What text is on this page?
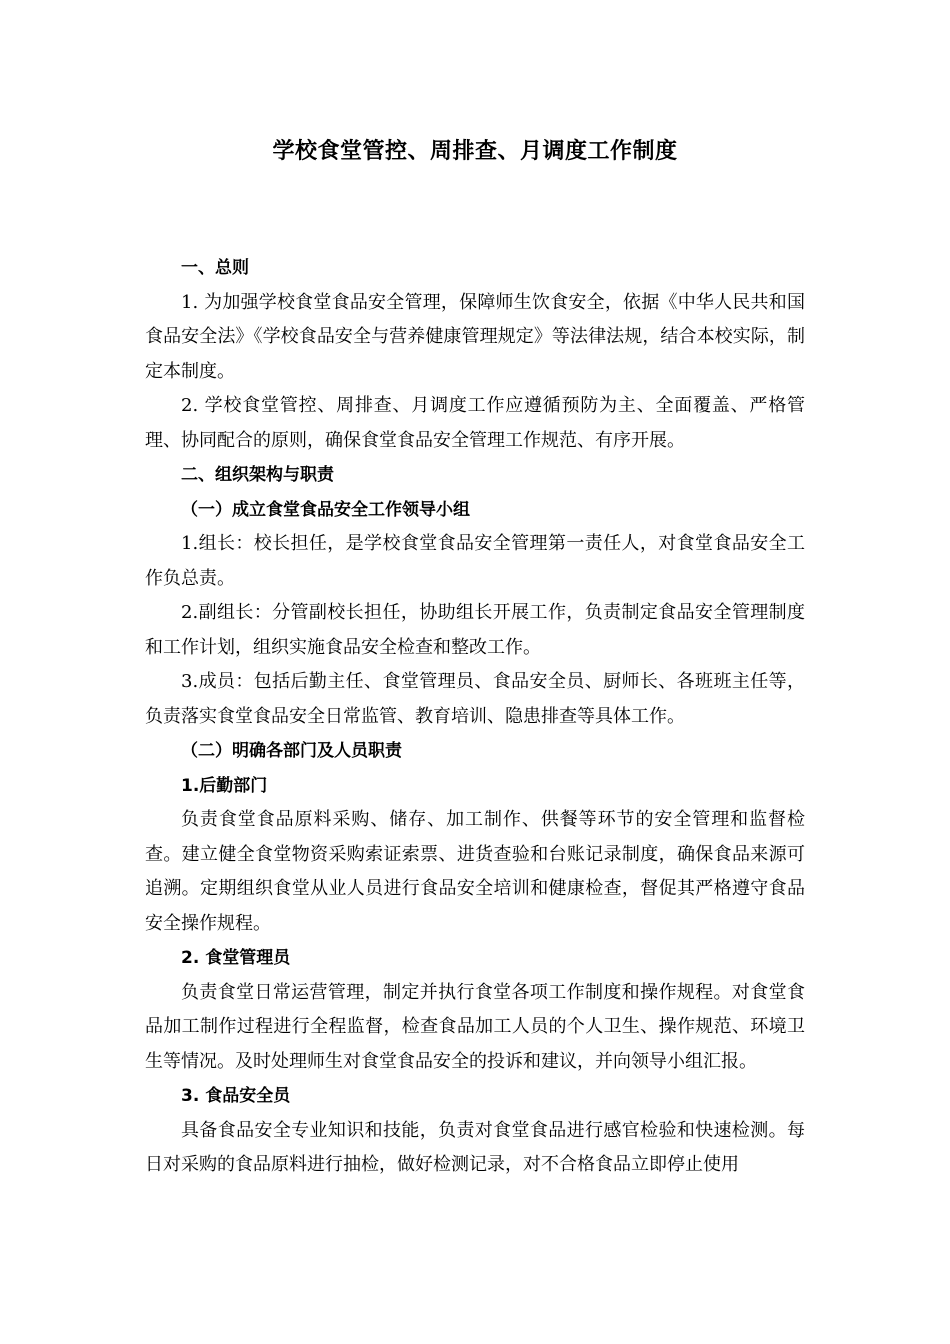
学校食堂管控、周排查、月调度工作制度

一、总则

1. 为加强学校食堂食品安全管理，保障师生饮食安全，依据《中华人民共和国食品安全法》《学校食品安全与营养健康管理规定》等法律法规，结合本校实际，制定本制度。

2. 学校食堂管控、周排查、月调度工作应遵循预防为主、全面覆盖、严格管理、协同配合的原则，确保食堂食品安全管理工作规范、有序开展。

二、组织架构与职责

（一）成立食堂食品安全工作领导小组

1.组长：校长担任，是学校食堂食品安全管理第一责任人，对食堂食品安全工作负总责。

2.副组长：分管副校长担任，协助组长开展工作，负责制定食品安全管理制度和工作计划，组织实施食品安全检查和整改工作。

3.成员：包括后勤主任、食堂管理员、食品安全员、厨师长、各班班主任等，负责落实食堂食品安全日常监管、教育培训、隐患排查等具体工作。

（二）明确各部门及人员职责

1.后勤部门

负责食堂食品原料采购、储存、加工制作、供餐等环节的安全管理和监督检查。建立健全食堂物资采购索证索票、进货查验和台账记录制度，确保食品来源可追溯。定期组织食堂从业人员进行食品安全培训和健康检查，督促其严格遵守食品安全操作规程。

2. 食堂管理员

负责食堂日常运营管理，制定并执行食堂各项工作制度和操作规程。对食堂食品加工制作过程进行全程监督，检查食品加工人员的个人卫生、操作规范、环境卫生等情况。及时处理师生对食堂食品安全的投诉和建议，并向领导小组汇报。

3. 食品安全员

具备食品安全专业知识和技能，负责对食堂食品进行感官检验和快速检测。每日对采购的食品原料进行抽检，做好检测记录，对不合格食品立即停止使用
